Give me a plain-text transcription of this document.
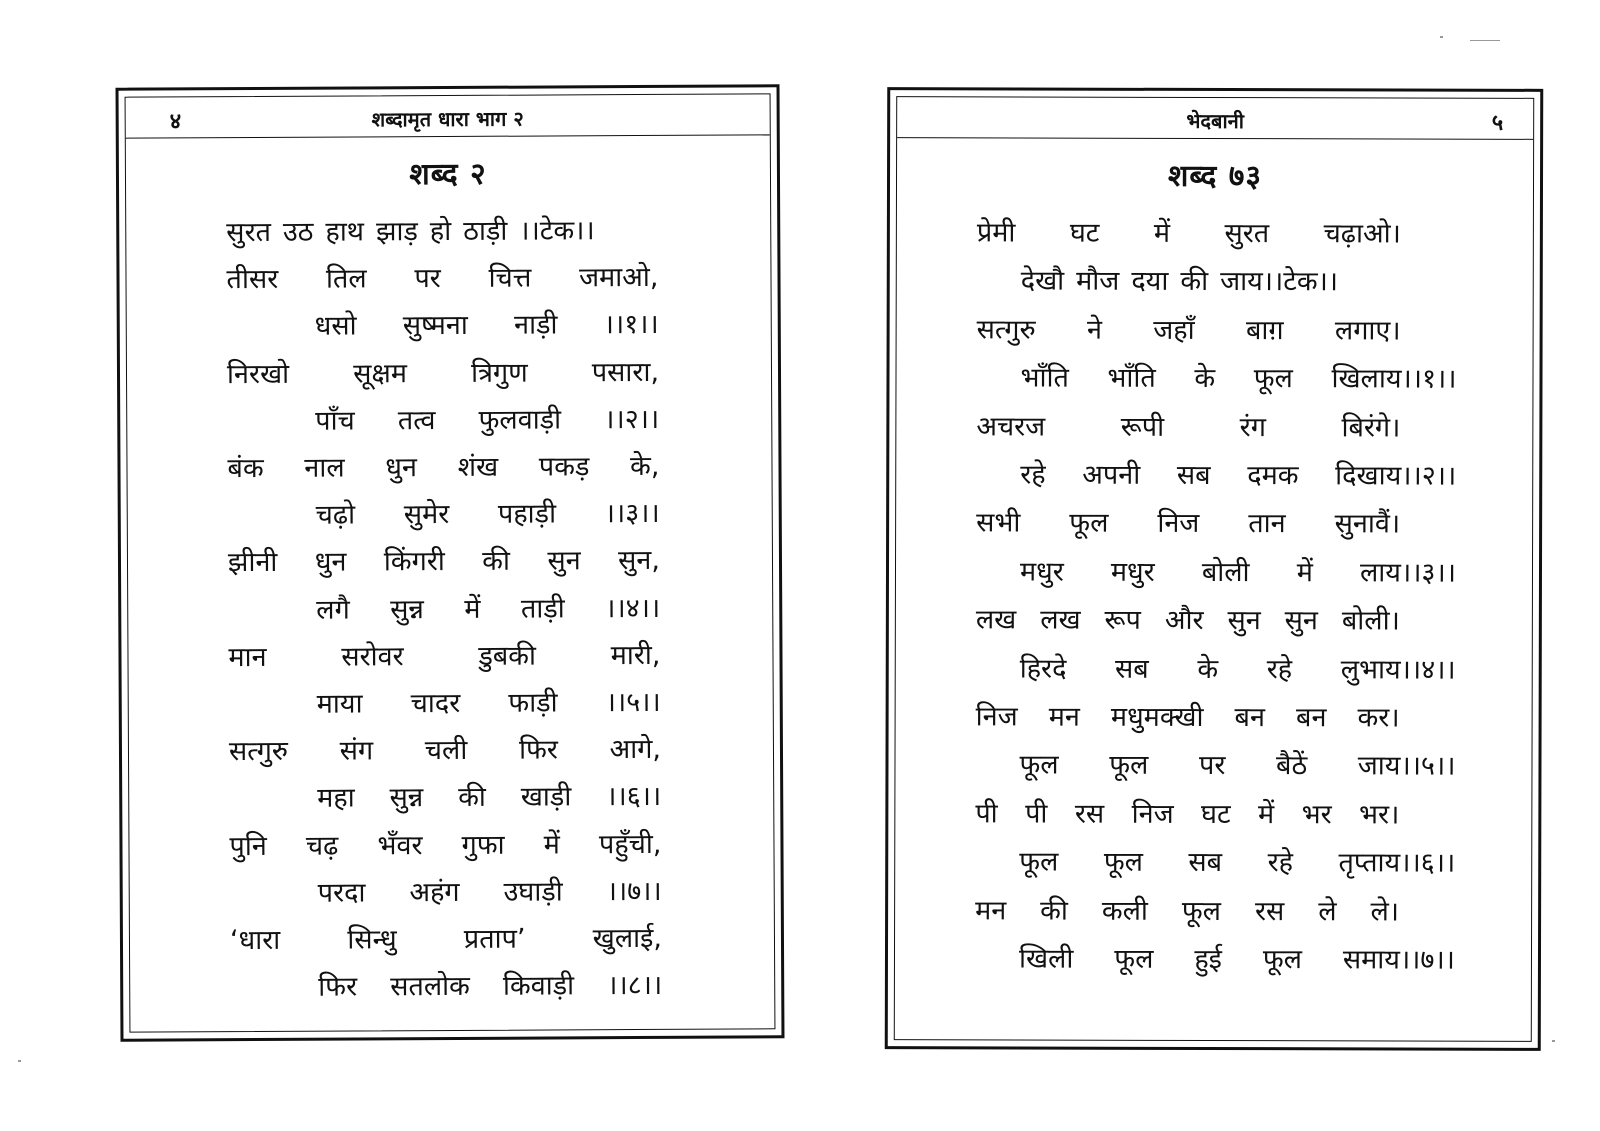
४	शब्दामृत धारा भाग २
शब्द २
सुरत उठ हाथ झाड़ हो ठाड़ी ।।टेक।।
तीसर तिल पर चित्त जमाओ,
धसो सुष्मना नाड़ी ।।१।।
निरखो सूक्षम त्रिगुण पसारा,
पाँच तत्व फुलवाड़ी ।।२।।
बंक नाल धुन शंख पकड़ के,
चढ़ो सुमेर पहाड़ी ।।३।।
झीनी धुन किंगरी की सुन सुन,
लगै सुन्न में ताड़ी ।।४।।
मान	सरोवर	डुबकी	मारी,
माया चादर फाड़ी ।।५।।
सत्गुरु संग चली फिर आगे,
महा सुन्न की खाड़ी ।।६।।
पुनि चढ़ भँवर गुफा में पहुँची,
परदा अहंग उघाड़ी ।।७।।
‘धारा सिन्धु प्रताप’ खुलाई,
फिर सतलोक किवाड़ी ।।८।।
भेदबानी	५
शब्द ७३
प्रेमी घट में सुरत चढ़ाओ।
देखौ मौज दया की जाय।।टेक।।
सत्गुरु ने जहाँ बाग़ लगाए।
भाँति भाँति के फूल खिलाय।।१।।
अचरज	रूपी	रंग	बिरंगे।
रहे अपनी सब दमक दिखाय।।२।।
सभी फूल निज तान सुनावैं।
मधुर मधुर बोली में लाय।।३।।
लख लख रूप और सुन सुन बोली।
हिरदे सब के रहे लुभाय।।४।।
निज मन मधुमक्खी बन बन कर।
फूल फूल पर बैठें जाय।।५।।
पी पी रस निज घट में भर भर।
फूल फूल सब रहे तृप्ताय।।६।।
मन की कली फूल रस ले ले।
खिली फूल हुई फूल समाय।।७।।
